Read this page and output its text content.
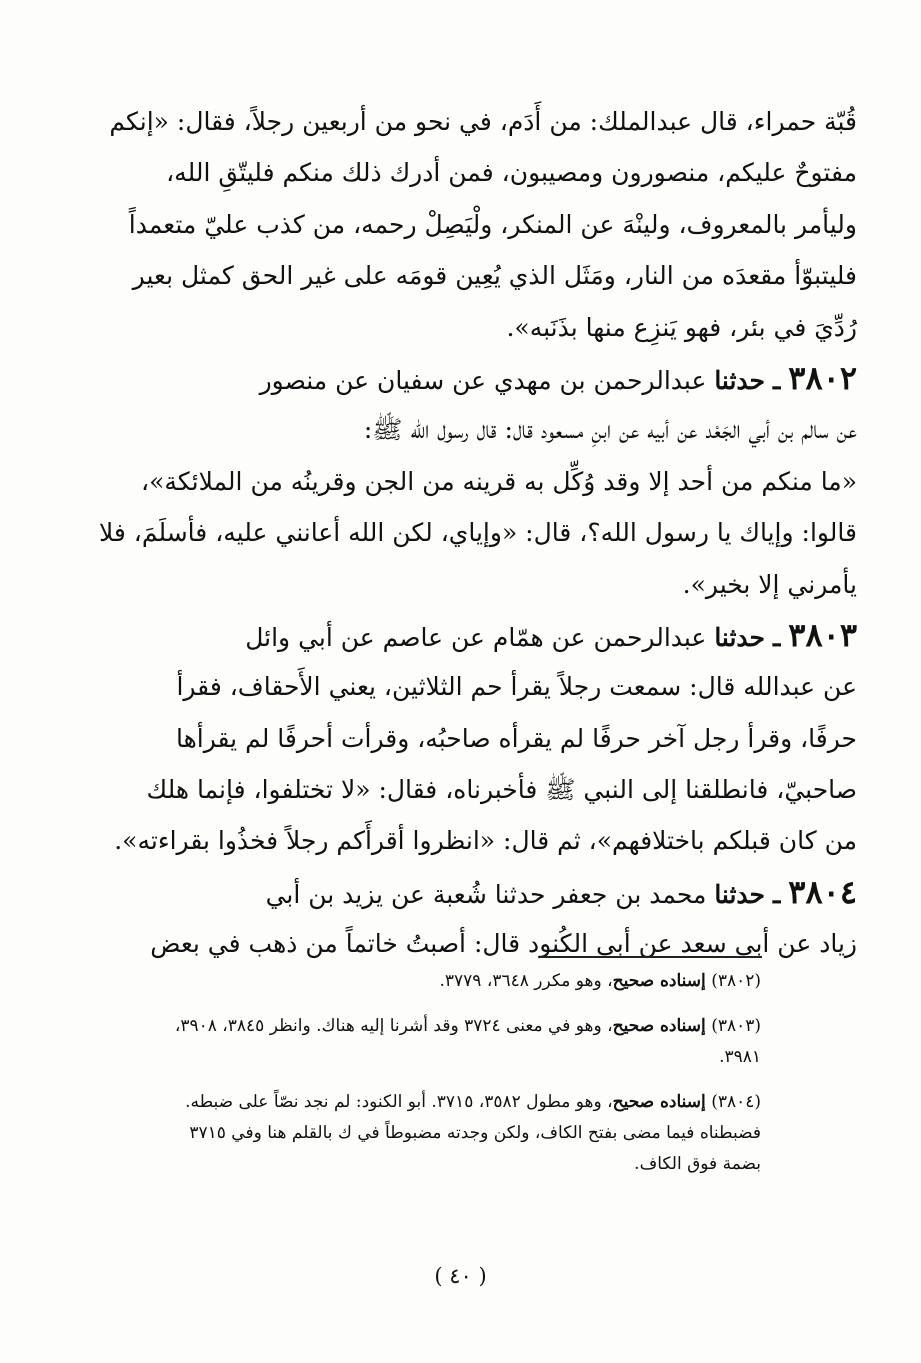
قُبّة حمراء، قال عبدالملك: من أَدَم، في نحو من أربعين رجلاً، فقال: «إنكم
مفتوحٌ عليكم، منصورون ومصيبون، فمن أدرك ذلك منكم فليتّقِ الله،
وليأمر بالمعروف، ولينْهَ عن المنكر، ولْيَصِلْ رحمه، من كذب عليّ متعمداً
فليتبوّأ مقعدَه من النار، ومَثَل الذي يُعِين قومَه على غير الحق كمثل بعير
رُدِّيَ في بئر، فهو يَنزِع منها بذَنَبه».
٣٨٠٢ ـ حدثنا عبدالرحمن بن مهدي عن سفيان عن منصور
عن سالم بن أبي الجَعْد عن أبيه عن ابنِ مسعود قال: قال رسول الله ﷺ:
«ما منكم من أحد إلا وقد وُكِّل به قرينه من الجن وقرينُه من الملائكة»،
قالوا: وإياك يا رسول الله؟، قال: «وإياي، لكن الله أعانني عليه، فأسلَمَ، فلا
يأمرني إلا بخير».
٣٨٠٣ ـ حدثنا عبدالرحمن عن همّام عن عاصم عن أبي وائل
عن عبدالله قال: سمعت رجلاً يقرأ حم الثلاثين، يعني الأَحقاف، فقرأ
حرفًا، وقرأ رجل آخر حرفًا لم يقرأه صاحبُه، وقرأت أحرفًا لم يقرأها
صاحبيّ، فانطلقنا إلى النبي ﷺ فأخبرناه، فقال: «لا تختلفوا، فإنما هلك
من كان قبلكم باختلافهم»، ثم قال: «انظروا أقرأَكم رجلاً فخذُوا بقراءته».
٣٨٠٤ ـ حدثنا محمد بن جعفر حدثنا شُعبة عن يزيد بن أبي
زياد عن أبي سعد عن أبي الكُنود قال: أصبتُ خاتماً من ذهب في بعض
(٣٨٠٢) إسناده صحيح، وهو مكرر ٣٦٤٨، ٣٧٧٩.
(٣٨٠٣) إسناده صحيح، وهو في معنى ٣٧٢٤ وقد أشرنا إليه هناك. وانظر ٣٨٤٥، ٣٩٠٨،
٣٩٨١.
(٣٨٠٤) إسناده صحيح، وهو مطول ٣٥٨٢، ٣٧١٥. أبو الكنود: لم نجد نصّاً على ضبطه.
فضبطناه فيما مضى بفتح الكاف، ولكن وجدته مضبوطاً في ك بالقلم هنا وفي ٣٧١٥
بضمة فوق الكاف.
( ٤٠ )
